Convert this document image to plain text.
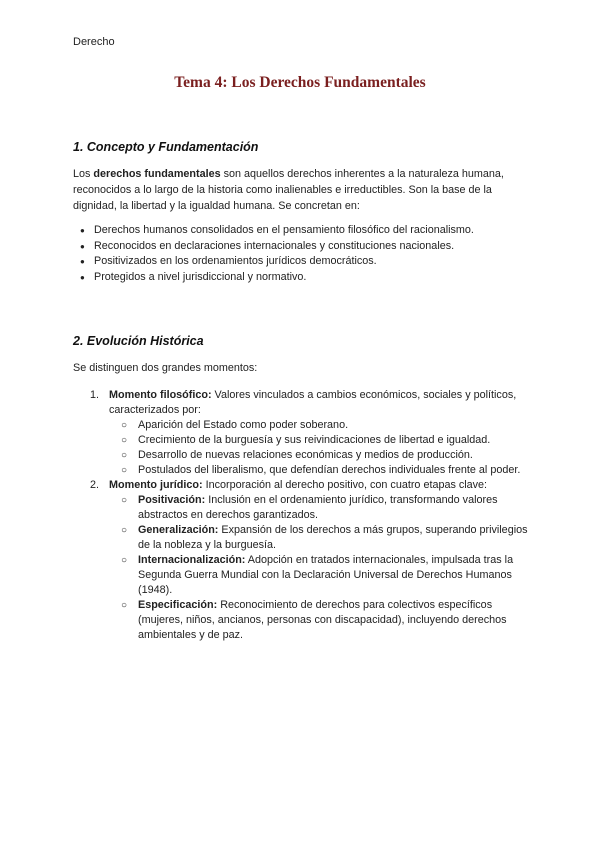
Derecho
Tema 4: Los Derechos Fundamentales
1. Concepto y Fundamentación
Los derechos fundamentales son aquellos derechos inherentes a la naturaleza humana, reconocidos a lo largo de la historia como inalienables e irreductibles. Son la base de la dignidad, la libertad y la igualdad humana. Se concretan en:
● Derechos humanos consolidados en el pensamiento filosófico del racionalismo.
● Reconocidos en declaraciones internacionales y constituciones nacionales.
● Positivizados en los ordenamientos jurídicos democráticos.
● Protegidos a nivel jurisdiccional y normativo.
2. Evolución Histórica
Se distinguen dos grandes momentos:
1. Momento filosófico: Valores vinculados a cambios económicos, sociales y políticos, caracterizados por:
○ Aparición del Estado como poder soberano.
○ Crecimiento de la burguesía y sus reivindicaciones de libertad e igualdad.
○ Desarrollo de nuevas relaciones económicas y medios de producción.
○ Postulados del liberalismo, que defendían derechos individuales frente al poder.
2. Momento jurídico: Incorporación al derecho positivo, con cuatro etapas clave:
○ Positivación: Inclusión en el ordenamiento jurídico, transformando valores abstractos en derechos garantizados.
○ Generalización: Expansión de los derechos a más grupos, superando privilegios de la nobleza y la burguesía.
○ Internacionalización: Adopción en tratados internacionales, impulsada tras la Segunda Guerra Mundial con la Declaración Universal de Derechos Humanos (1948).
○ Especificación: Reconocimiento de derechos para colectivos específicos (mujeres, niños, ancianos, personas con discapacidad), incluyendo derechos ambientales y de paz.
